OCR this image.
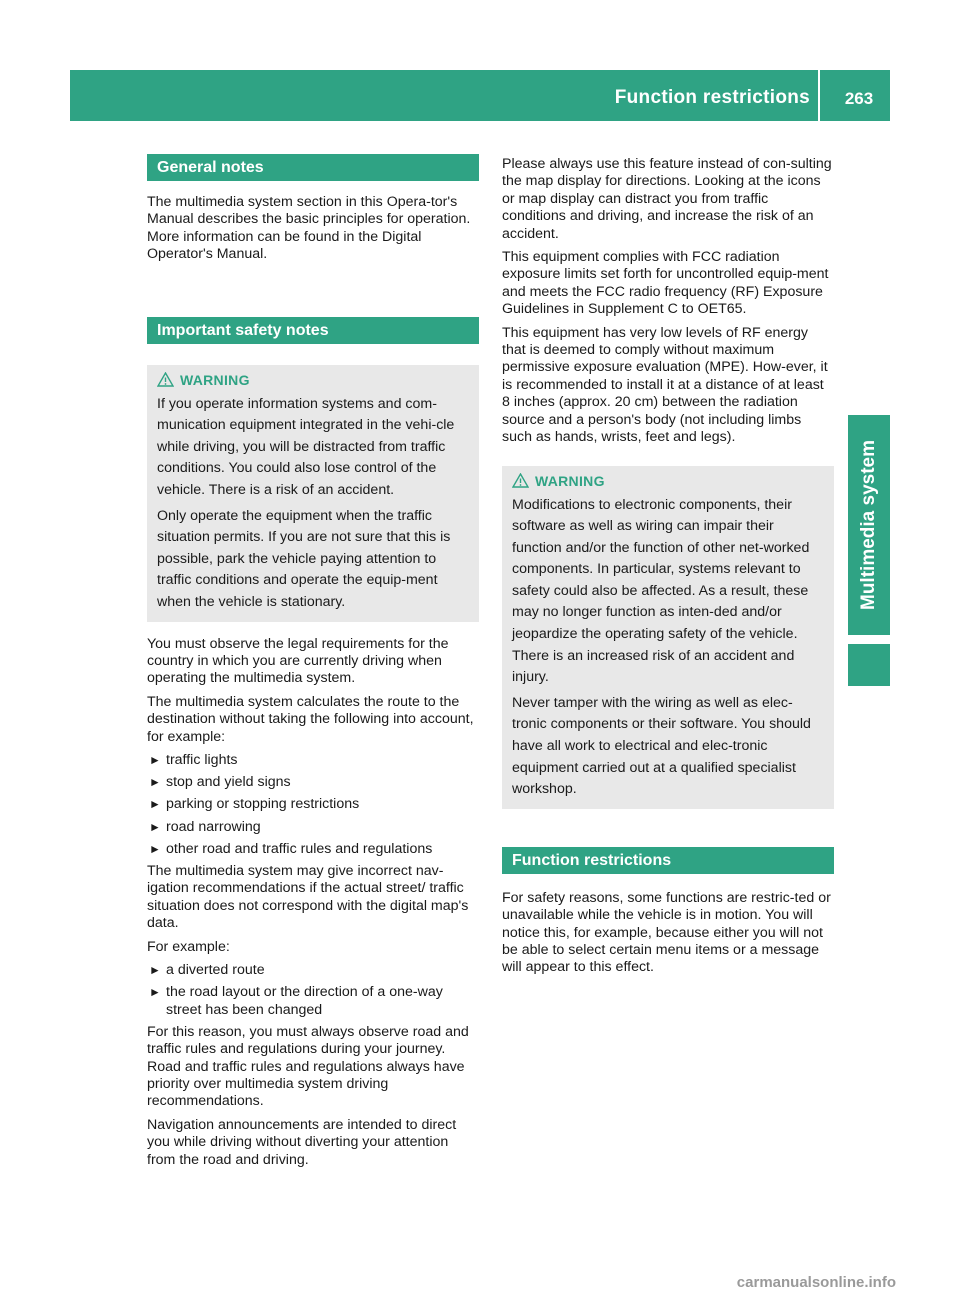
Function restrictions	263
Multimedia system
General notes

The multimedia system section in this Opera-tor's Manual describes the basic principles for operation. More information can be found in the Digital Operator's Manual.

Important safety notes
WARNING

If you operate information systems and com-munication equipment integrated in the vehi-cle while driving, you will be distracted from traffic conditions. You could also lose control of the vehicle. There is a risk of an accident.

Only operate the equipment when the traffic situation permits. If you are not sure that this is possible, park the vehicle paying attention to traffic conditions and operate the equip-ment when the vehicle is stationary.

You must observe the legal requirements for the country in which you are currently driving when operating the multimedia system.

The multimedia system calculates the route to the destination without taking the following into account, for example:

► traffic lights
► stop and yield signs
► parking or stopping restrictions
► road narrowing
► other road and traffic rules and regulations

The multimedia system may give incorrect nav-igation recommendations if the actual street/ traffic situation does not correspond with the digital map's data.

For example:

► a diverted route
► the road layout or the direction of a one-way street has been changed

For this reason, you must always observe road and traffic rules and regulations during your journey. Road and traffic rules and regulations always have priority over multimedia system driving recommendations.

Navigation announcements are intended to direct you while driving without diverting your attention from the road and driving.

Please always use this feature instead of con-sulting the map display for directions. Looking at the icons or map display can distract you from traffic conditions and driving, and increase the risk of an accident.

This equipment complies with FCC radiation exposure limits set forth for uncontrolled equip-ment and meets the FCC radio frequency (RF) Exposure Guidelines in Supplement C to OET65.

This equipment has very low levels of RF energy that is deemed to comply without maximum permissive exposure evaluation (MPE). How-ever, it is recommended to install it at a distance of at least 8 inches (approx. 20 cm) between the radiation source and a person's body (not including limbs such as hands, wrists, feet and legs).

WARNING

Modifications to electronic components, their software as well as wiring can impair their function and/or the function of other net-worked components. In particular, systems relevant to safety could also be affected. As a result, these may no longer function as inten-ded and/or jeopardize the operating safety of the vehicle. There is an increased risk of an accident and injury.

Never tamper with the wiring as well as elec-tronic components or their software. You should have all work to electrical and elec-tronic equipment carried out at a qualified specialist workshop.

Function restrictions

For safety reasons, some functions are restric-ted or unavailable while the vehicle is in motion. You will notice this, for example, because either you will not be able to select certain menu items or a message will appear to this effect.

carmanualsonline.info
